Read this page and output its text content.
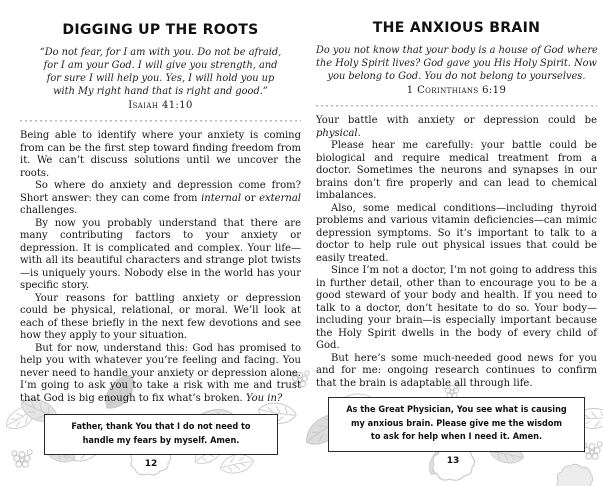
DIGGING UP THE ROOTS
“Do not fear, for I am with you. Do not be afraid,
for I am your God. I will give you strength, and
for sure I will help you. Yes, I will hold you up
with My right hand that is right and good.”
Isaiah 41:10

Being able to identify where your anxiety is coming from can be the first step toward finding freedom from it. We can’t discuss solutions until we uncover the roots.

So where do anxiety and depression come from? Short answer: they can come from internal or external challenges.

By now you probably understand that there are many contributing factors to your anxiety or depression. It is complicated and complex. Your life—with all its beautiful characters and strange plot twists—is uniquely yours. Nobody else in the world has your specific story.

Your reasons for battling anxiety or depression could be physical, relational, or moral. We’ll look at each of these briefly in the next few devotions and see how they apply to your situation.

But for now, understand this: God has promised to help you with whatever you’re feeling and facing. You never need to handle your anxiety or depression alone. I’m going to ask you to take a risk with me and trust that God is big enough to fix what’s broken. You in?

Father, thank You that I do not need to
handle my fears by myself. Amen.
THE ANXIOUS BRAIN
Do you not know that your body is a house of God where
the Holy Spirit lives? God gave you His Holy Spirit. Now
you belong to God. You do not belong to yourselves.
1 Corinthians 6:19

Your battle with anxiety or depression could be physical.

Please hear me carefully: your battle could be biological and require medical treatment from a doctor. Sometimes the neurons and synapses in our brains don’t fire properly and can lead to chemical imbalances.

Also, some medical conditions—including thyroid problems and various vitamin deficiencies—can mimic depression symptoms. So it’s important to talk to a doctor to help rule out physical issues that could be easily treated.

Since I’m not a doctor, I’m not going to address this in further detail, other than to encourage you to be a good steward of your body and health. If you need to talk to a doctor, don’t hesitate to do so. Your body—including your brain—is especially important because the Holy Spirit dwells in the body of every child of God.

But here’s some much-needed good news for you and for me: ongoing research continues to confirm that the brain is adaptable all through life.

As the Great Physician, You see what is causing
my anxious brain. Please give me the wisdom
to ask for help when I need it. Amen.
12	13
